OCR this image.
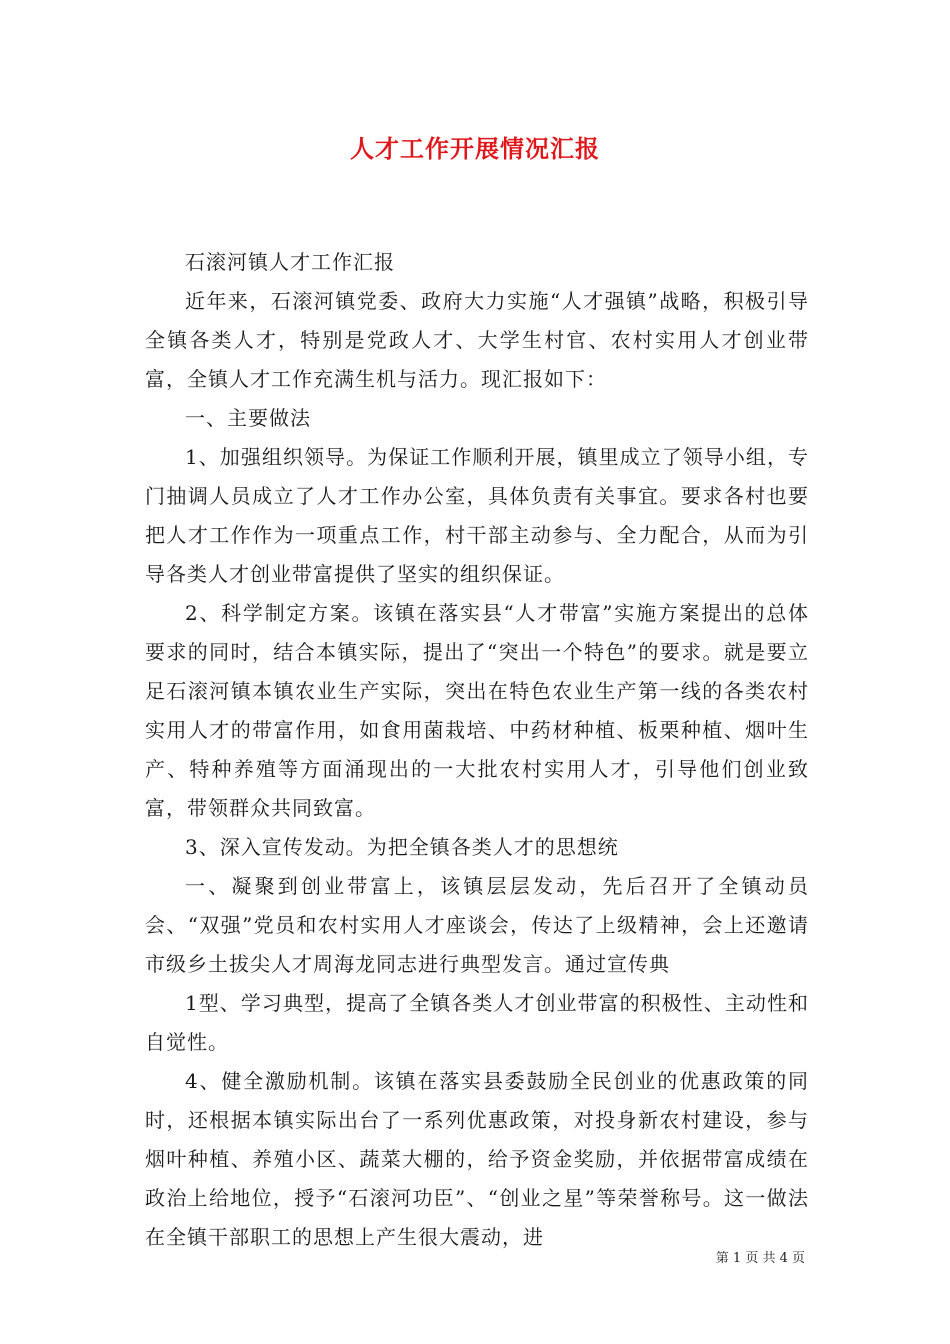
人才工作开展情况汇报

石滚河镇人才工作汇报

近年来，石滚河镇党委、政府大力实施“人才强镇”战略，积极引导全镇各类人才，特别是党政人才、大学生村官、农村实用人才创业带富，全镇人才工作充满生机与活力。现汇报如下：

一、主要做法

1、加强组织领导。为保证工作顺利开展，镇里成立了领导小组，专门抽调人员成立了人才工作办公室，具体负责有关事宜。要求各村也要把人才工作作为一项重点工作，村干部主动参与、全力配合，从而为引导各类人才创业带富提供了坚实的组织保证。

2、科学制定方案。该镇在落实县“人才带富”实施方案提出的总体要求的同时，结合本镇实际，提出了“突出一个特色”的要求。就是要立足石滚河镇本镇农业生产实际，突出在特色农业生产第一线的各类农村实用人才的带富作用，如食用菌栽培、中药材种植、板栗种植、烟叶生产、特种养殖等方面涌现出的一大批农村实用人才，引导他们创业致富，带领群众共同致富。

3、深入宣传发动。为把全镇各类人才的思想统

一、凝聚到创业带富上，该镇层层发动，先后召开了全镇动员会、“双强”党员和农村实用人才座谈会，传达了上级精神，会上还邀请市级乡土拔尖人才周海龙同志进行典型发言。通过宣传典

1型、学习典型，提高了全镇各类人才创业带富的积极性、主动性和自觉性。

4、健全激励机制。该镇在落实县委鼓励全民创业的优惠政策的同时，还根据本镇实际出台了一系列优惠政策，对投身新农村建设，参与烟叶种植、养殖小区、蔬菜大棚的，给予资金奖励，并依据带富成绩在政治上给地位，授予“石滚河功臣”、“创业之星”等荣誉称号。这一做法在全镇干部职工的思想上产生很大震动，进

第 1 页 共 4 页
